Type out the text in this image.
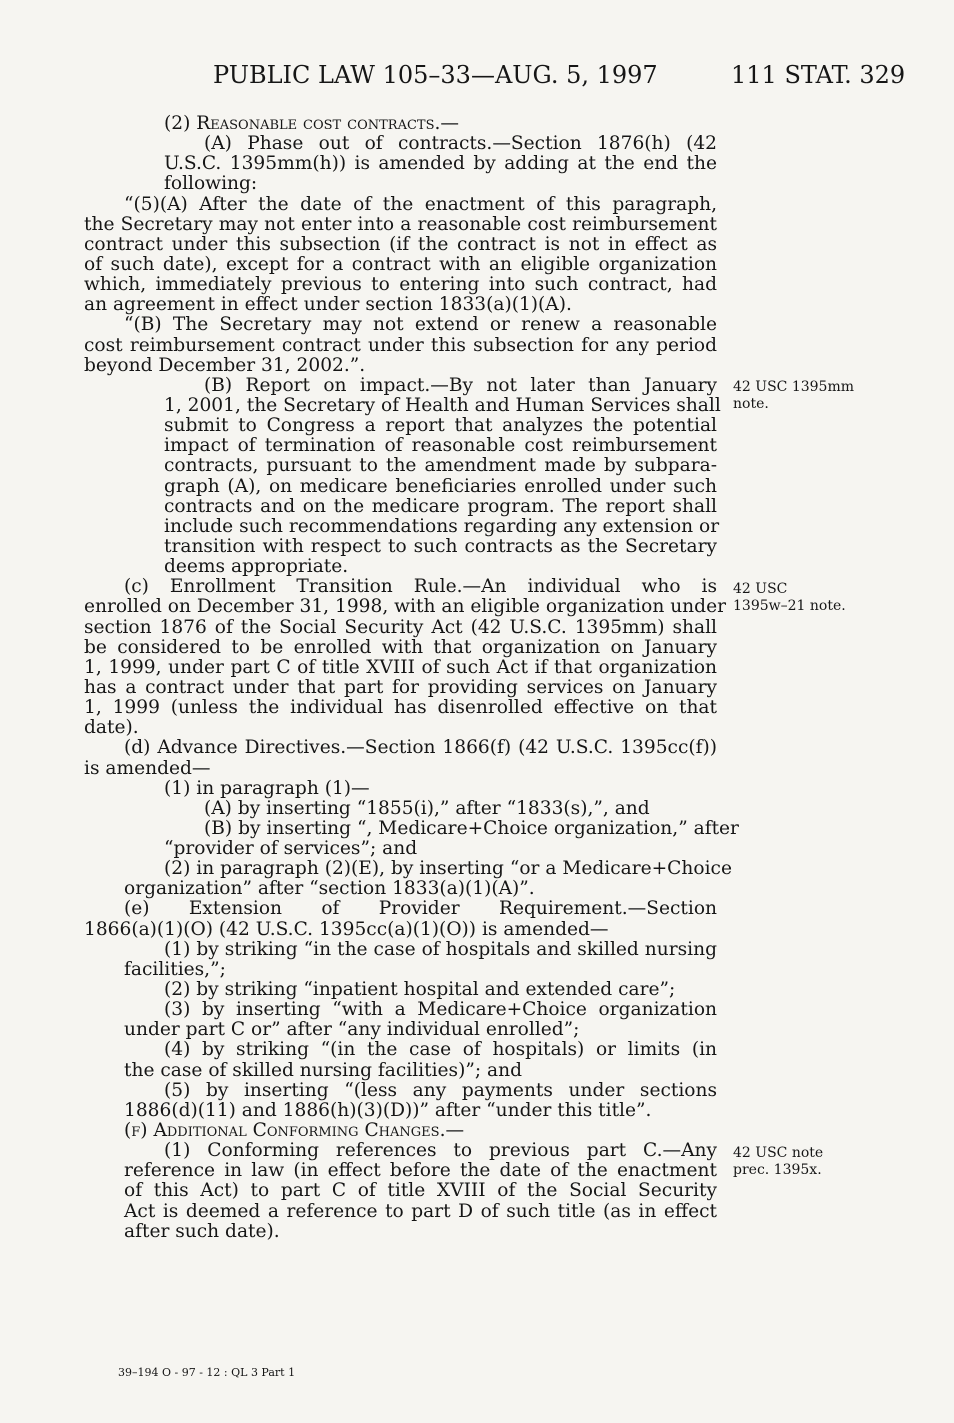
PUBLIC LAW 105–33—AUG. 5, 1997	111 STAT. 329
(2) Reasonable cost contracts.—
(A) Phase out of contracts.—Section 1876(h) (42
U.S.C. 1395mm(h)) is amended by adding at the end the
following:
“(5)(A) After the date of the enactment of this paragraph,
the Secretary may not enter into a reasonable cost reimbursement
contract under this subsection (if the contract is not in effect as
of such date), except for a contract with an eligible organization
which, immediately previous to entering into such contract, had
an agreement in effect under section 1833(a)(1)(A).
“(B) The Secretary may not extend or renew a reasonable
cost reimbursement contract under this subsection for any period
beyond December 31, 2002.”.
(B) Report on impact.—By not later than January
1, 2001, the Secretary of Health and Human Services shall
submit to Congress a report that analyzes the potential
impact of termination of reasonable cost reimbursement
contracts, pursuant to the amendment made by subpara-
graph (A), on medicare beneficiaries enrolled under such
contracts and on the medicare program. The report shall
include such recommendations regarding any extension or
transition with respect to such contracts as the Secretary
deems appropriate.
(c) Enrollment Transition Rule.—An individual who is
enrolled on December 31, 1998, with an eligible organization under
section 1876 of the Social Security Act (42 U.S.C. 1395mm) shall
be considered to be enrolled with that organization on January
1, 1999, under part C of title XVIII of such Act if that organization
has a contract under that part for providing services on January
1, 1999 (unless the individual has disenrolled effective on that
date).
(d) Advance Directives.—Section 1866(f) (42 U.S.C. 1395cc(f))
is amended—
(1) in paragraph (1)—
(A) by inserting “1855(i),” after “1833(s),”, and
(B) by inserting “, Medicare+Choice organization,” after
“provider of services”; and
(2) in paragraph (2)(E), by inserting “or a Medicare+Choice
organization” after “section 1833(a)(1)(A)”.
(e) Extension of Provider Requirement.—Section
1866(a)(1)(O) (42 U.S.C. 1395cc(a)(1)(O)) is amended—
(1) by striking “in the case of hospitals and skilled nursing
facilities,”;
(2) by striking “inpatient hospital and extended care”;
(3) by inserting “with a Medicare+Choice organization
under part C or” after “any individual enrolled”;
(4) by striking “(in the case of hospitals) or limits (in
the case of skilled nursing facilities)”; and
(5) by inserting “(less any payments under sections
1886(d)(11) and 1886(h)(3)(D))” after “under this title”.
(f) Additional Conforming Changes.—
(1) Conforming references to previous part C.—Any
reference in law (in effect before the date of the enactment
of this Act) to part C of title XVIII of the Social Security
Act is deemed a reference to part D of such title (as in effect
after such date).
42 USC 1395mm
note.
42 USC
1395w–21 note.
42 USC note
prec. 1395x.
39–194 O - 97 - 12 : QL 3 Part 1
